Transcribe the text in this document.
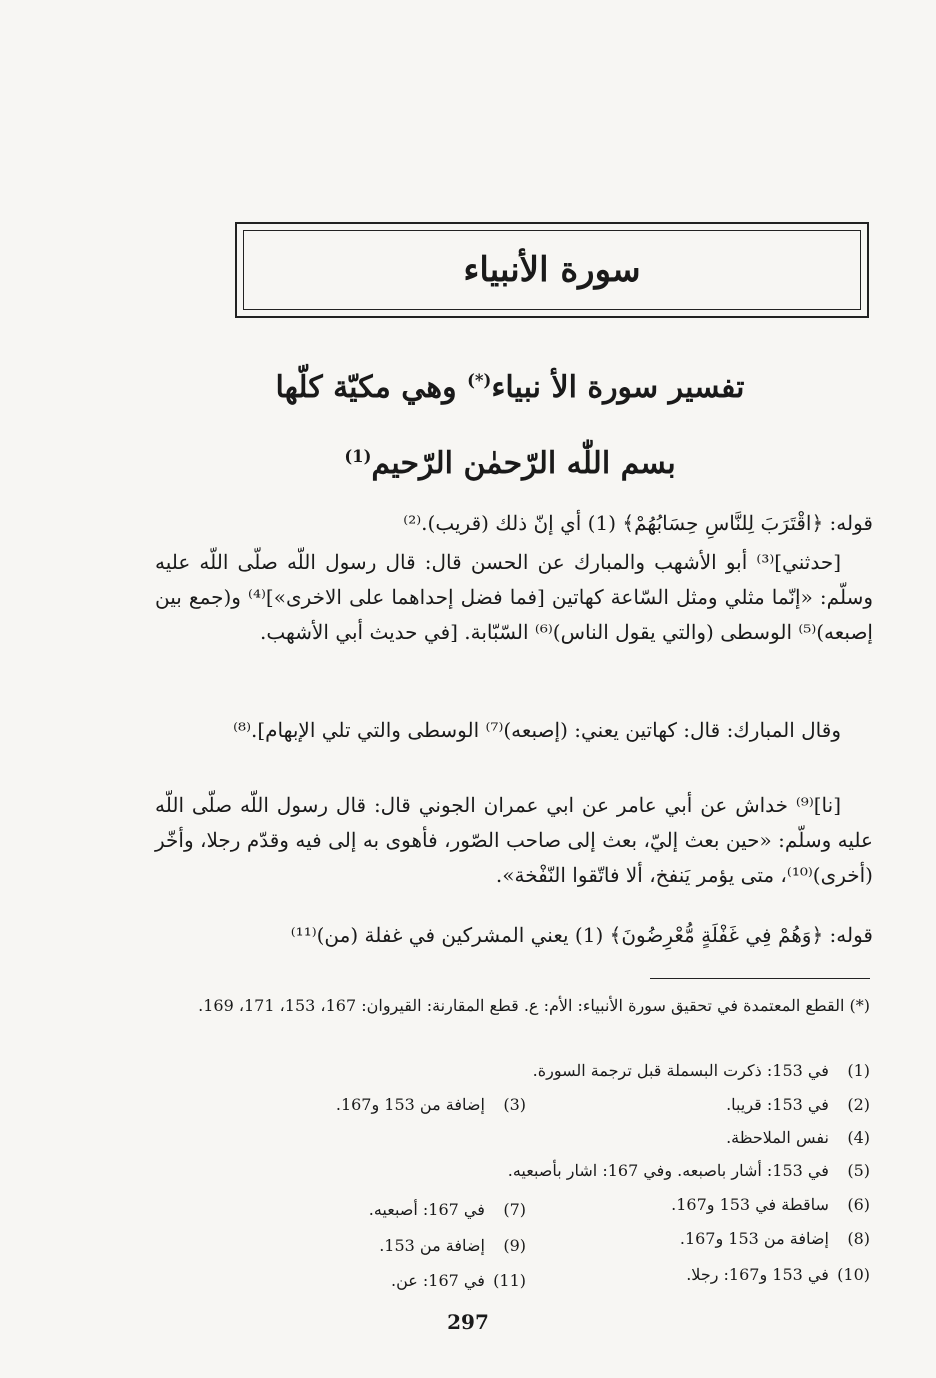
سورة الأنبياء
تفسير سورة الأ نبياء(*) وهي مكيّة كلّها
بسم اللّٰه الرّحمٰن الرّحيم$^{(1)}$

قوله: ﴿اقْتَرَبَ لِلنَّاسِ حِسَابُهُمْ﴾ (1) أي إنّ ذلك (قريب).⁽²⁾

[حدثني]⁽³⁾ أبو الأشهب والمبارك عن الحسن قال: قال رسول اللّه صلّى اللّه عليه وسلّم: «إنّما مثلي ومثل السّاعة كهاتين [فما فضل إحداهما على الاخرى»]⁽⁴⁾ و(جمع بين إصبعه)⁽⁵⁾ الوسطى (والتي يقول الناس)⁽⁶⁾ السّبّابة. [في حديث أبي الأشهب.

وقال المبارك: قال: كهاتين يعني: (إصبعه)⁽⁷⁾ الوسطى والتي تلي الإبهام].⁽⁸⁾

[نا]⁽⁹⁾ خداش عن أبي عامر عن ابي عمران الجوني قال: قال رسول اللّه صلّى اللّه عليه وسلّم: «حين بعث إليّ، بعث إلى صاحب الصّور، فأهوى به إلى فيه وقدّم رجلا، وأخّر (أخرى)⁽¹⁰⁾، متى يؤمر يَنفخ، ألا فاتّقوا النّفْخة».

قوله: ﴿وَهُمْ فِي غَفْلَةٍ مُّعْرِضُونَ﴾ (1) يعني المشركين في غفلة (من)⁽¹¹⁾

(*) القطع المعتمدة في تحقيق سورة الأنبياء: الأم: ع. قطع المقارنة: القيروان: 167، 153، 171، 169.
(1) في 153: ذكرت البسملة قبل ترجمة السورة.
(2) في 153: قريبا.
(3) إضافة من 153 و167.
(4) نفس الملاحظة.
(5) في 153: أشار باصبعه. وفي 167: اشار بأصبعيه.
(6) ساقطة في 153 و167.
(7) في 167: أصبعيه.
(8) إضافة من 153 و167.
(9) إضافة من 153.
(10) في 153 و167: رجلا.
(11) في 167: عن.
297
